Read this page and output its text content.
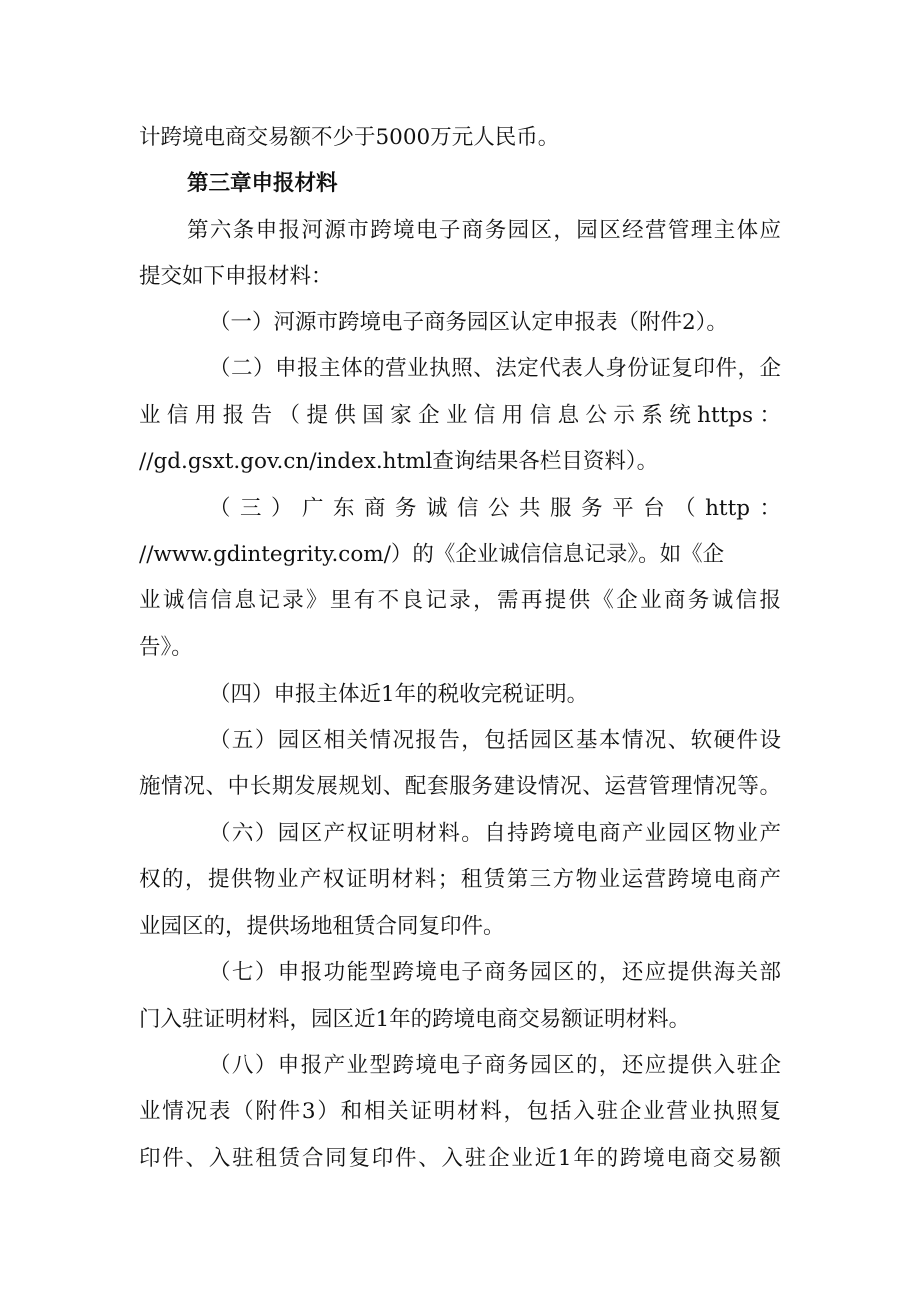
计跨境电商交易额不少于5000万元人民币。

第三章申报材料

第六条申报河源市跨境电子商务园区，园区经营管理主体应

提交如下申报材料：

（一）河源市跨境电子商务园区认定申报表（附件2）。

（二）申报主体的营业执照、法定代表人身份证复印件，企

业信用报告（提供国家企业信用信息公示系统https：

//gd.gsxt.gov.cn/index.html查询结果各栏目资料）。

（三）广东商务诚信公共服务平台（http：

//www.gdintegrity.com/）的《企业诚信信息记录》。如《企

业诚信信息记录》里有不良记录，需再提供《企业商务诚信报

告》。

（四）申报主体近1年的税收完税证明。

（五）园区相关情况报告，包括园区基本情况、软硬件设

施情况、中长期发展规划、配套服务建设情况、运营管理情况等。

（六）园区产权证明材料。自持跨境电商产业园区物业产

权的，提供物业产权证明材料；租赁第三方物业运营跨境电商产

业园区的，提供场地租赁合同复印件。

（七）申报功能型跨境电子商务园区的，还应提供海关部

门入驻证明材料，园区近1年的跨境电商交易额证明材料。

（八）申报产业型跨境电子商务园区的，还应提供入驻企

业情况表（附件3）和相关证明材料，包括入驻企业营业执照复

印件、入驻租赁合同复印件、入驻企业近1年的跨境电商交易额
